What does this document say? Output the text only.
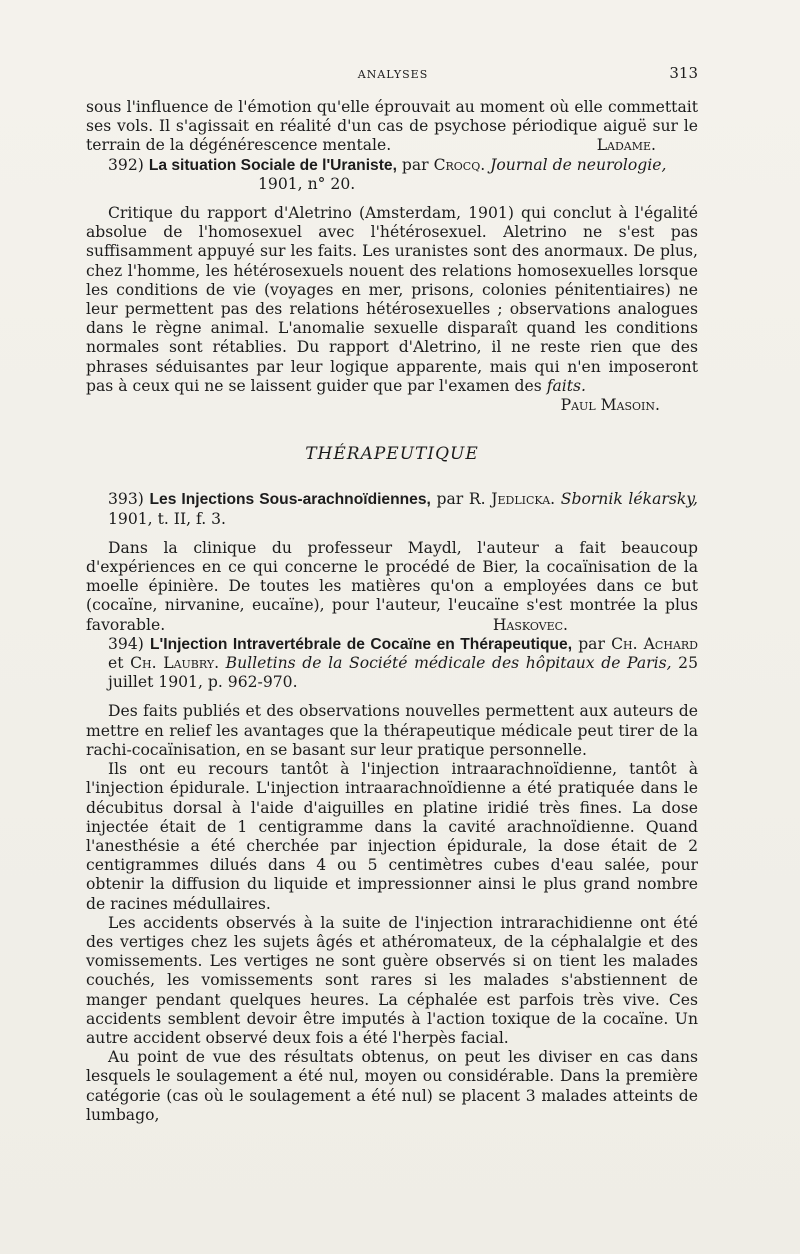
ANALYSES	313

sous l'influence de l'émotion qu'elle éprouvait au moment où elle commettait ses vols. Il s'agissait en réalité d'un cas de psychose périodique aiguë sur le terrain de la dégénérescence mentale.	Ladame.

392) La situation Sociale de l'Uraniste, par Crocq. Journal de neurologie,

1901, n° 20.

Critique du rapport d'Aletrino (Amsterdam, 1901) qui conclut à l'égalité absolue de l'homosexuel avec l'hétérosexuel. Aletrino ne s'est pas suffisamment appuyé sur les faits. Les uranistes sont des anormaux. De plus, chez l'homme, les hétérosexuels nouent des relations homosexuelles lorsque les conditions de vie (voyages en mer, prisons, colonies pénitentiaires) ne leur permettent pas des relations hétérosexuelles ; observations analogues dans le règne animal. L'anomalie sexuelle disparaît quand les conditions normales sont rétablies. Du rapport d'Aletrino, il ne reste rien que des phrases séduisantes par leur logique apparente, mais qui n'en imposeront pas à ceux qui ne se laissent guider que par l'examen des faits.
Paul Masoin.

THÉRAPEUTIQUE

393) Les Injections Sous-arachnoïdiennes, par R. Jedlicka. Sbornik lékarsky, 1901, t. II, f. 3.

Dans la clinique du professeur Maydl, l'auteur a fait beaucoup d'expériences en ce qui concerne le procédé de Bier, la cocaïnisation de la moelle épinière. De toutes les matières qu'on a employées dans ce but (cocaïne, nirvanine, eucaïne), pour l'auteur, l'eucaïne s'est montrée la plus favorable.	Haskovec.

394) L'Injection Intravertébrale de Cocaïne en Thérapeutique, par Ch. Achard et Ch. Laubry. Bulletins de la Société médicale des hôpitaux de Paris, 25 juillet 1901, p. 962-970.

Des faits publiés et des observations nouvelles permettent aux auteurs de mettre en relief les avantages que la thérapeutique médicale peut tirer de la rachi-cocaïnisation, en se basant sur leur pratique personnelle.

Ils ont eu recours tantôt à l'injection intraarachnoïdienne, tantôt à l'injection épidurale. L'injection intraarachnoïdienne a été pratiquée dans le décubitus dorsal à l'aide d'aiguilles en platine iridié très fines. La dose injectée était de 1 centigramme dans la cavité arachnoïdienne. Quand l'anesthésie a été cherchée par injection épidurale, la dose était de 2 centigrammes dilués dans 4 ou 5 centimètres cubes d'eau salée, pour obtenir la diffusion du liquide et impressionner ainsi le plus grand nombre de racines médullaires.

Les accidents observés à la suite de l'injection intrarachidienne ont été des vertiges chez les sujets âgés et athéromateux, de la céphalalgie et des vomissements. Les vertiges ne sont guère observés si on tient les malades couchés, les vomissements sont rares si les malades s'abstiennent de manger pendant quelques heures. La céphalée est parfois très vive. Ces accidents semblent devoir être imputés à l'action toxique de la cocaïne. Un autre accident observé deux fois a été l'herpès facial.

Au point de vue des résultats obtenus, on peut les diviser en cas dans lesquels le soulagement a été nul, moyen ou considérable. Dans la première catégorie (cas où le soulagement a été nul) se placent 3 malades atteints de lumbago,
